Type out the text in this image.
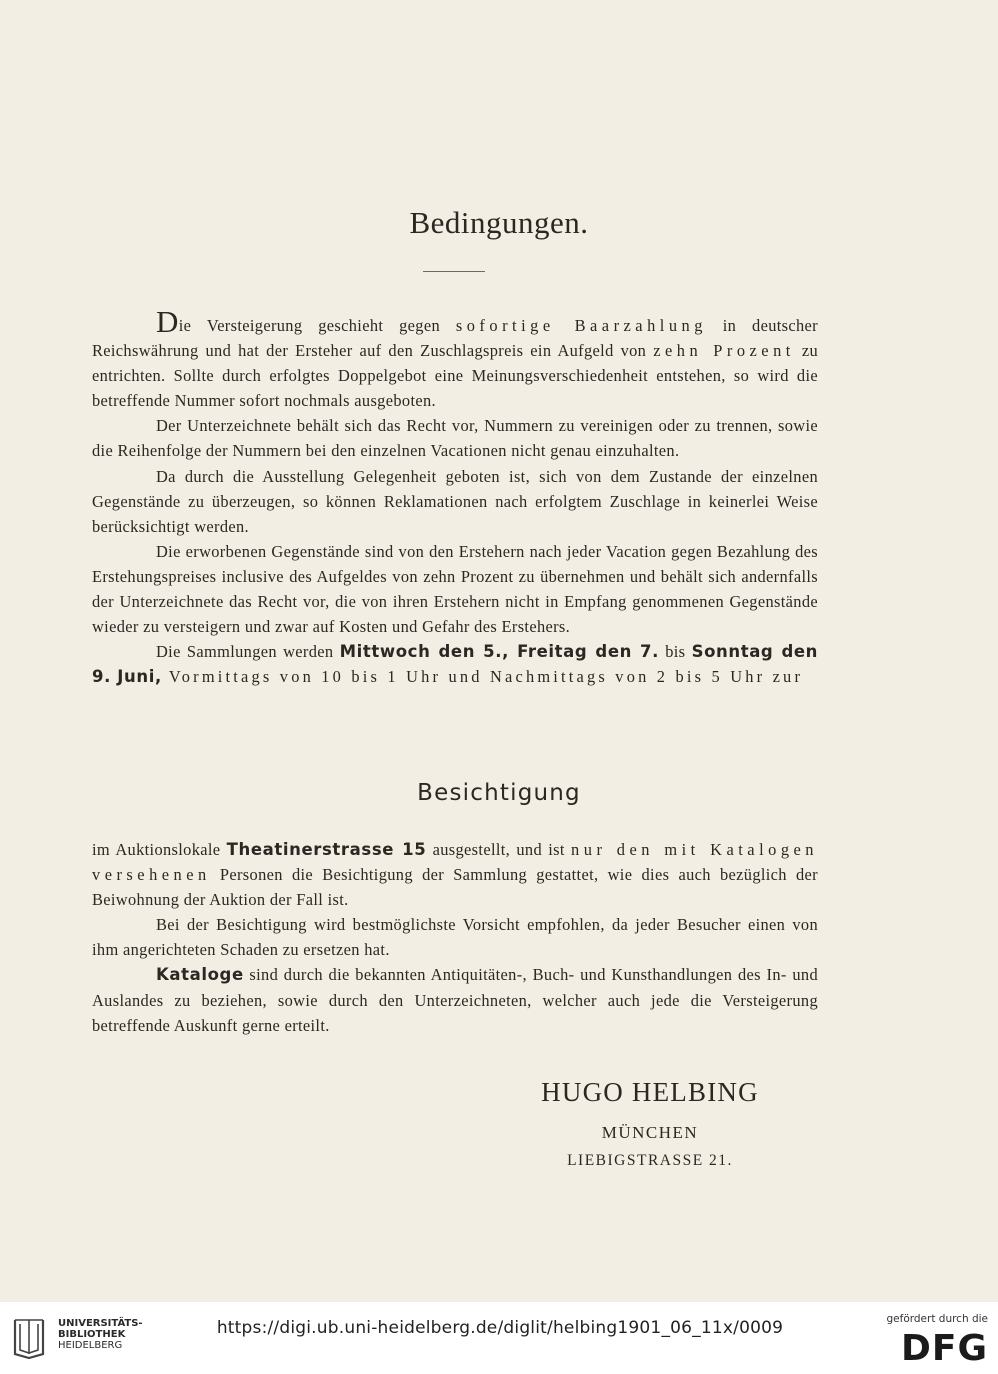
Bedingungen.

Die Versteigerung geschieht gegen sofortige Baarzahlung in deutscher Reichswährung und hat der Ersteher auf den Zuschlagspreis ein Aufgeld von zehn Prozent zu entrichten. Sollte durch erfolgtes Doppelgebot eine Meinungsverschiedenheit entstehen, so wird die betreffende Nummer sofort nochmals ausgeboten.

Der Unterzeichnete behält sich das Recht vor, Nummern zu vereinigen oder zu trennen, sowie die Reihenfolge der Nummern bei den einzelnen Vacationen nicht genau einzuhalten.

Da durch die Ausstellung Gelegenheit geboten ist, sich von dem Zustande der einzelnen Gegenstände zu überzeugen, so können Reklamationen nach erfolgtem Zuschlage in keinerlei Weise berücksichtigt werden.

Die erworbenen Gegenstände sind von den Erstehern nach jeder Vacation gegen Bezahlung des Erstehungspreises inclusive des Aufgeldes von zehn Prozent zu übernehmen und behält sich andernfalls der Unterzeichnete das Recht vor, die von ihren Erstehern nicht in Empfang genommenen Gegenstände wieder zu versteigern und zwar auf Kosten und Gefahr des Erstehers.

Die Sammlungen werden Mittwoch den 5., Freitag den 7. bis Sonntag den 9. Juni, Vormittags von 10 bis 1 Uhr und Nachmittags von 2 bis 5 Uhr zur

Besichtigung

im Auktionslokale Theatinerstrasse 15 ausgestellt, und ist nur den mit Katalogen versehenen Personen die Besichtigung der Sammlung gestattet, wie dies auch bezüglich der Beiwohnung der Auktion der Fall ist.

Bei der Besichtigung wird bestmöglichste Vorsicht empfohlen, da jeder Besucher einen von ihm angerichteten Schaden zu ersetzen hat.

Kataloge sind durch die bekannten Antiquitäten-, Buch- und Kunsthandlungen des In- und Auslandes zu beziehen, sowie durch den Unterzeichneten, welcher auch jede die Versteigerung betreffende Auskunft gerne erteilt.

HUGO HELBING
MÜNCHEN
LIEBIGSTRASSE 21.
UNIVERSITÄTS-
BIBLIOTHEK
HEIDELBERG
https://digi.ub.uni-heidelberg.de/diglit/helbing1901_06_11x/0009	gefördert durch die
DFG
